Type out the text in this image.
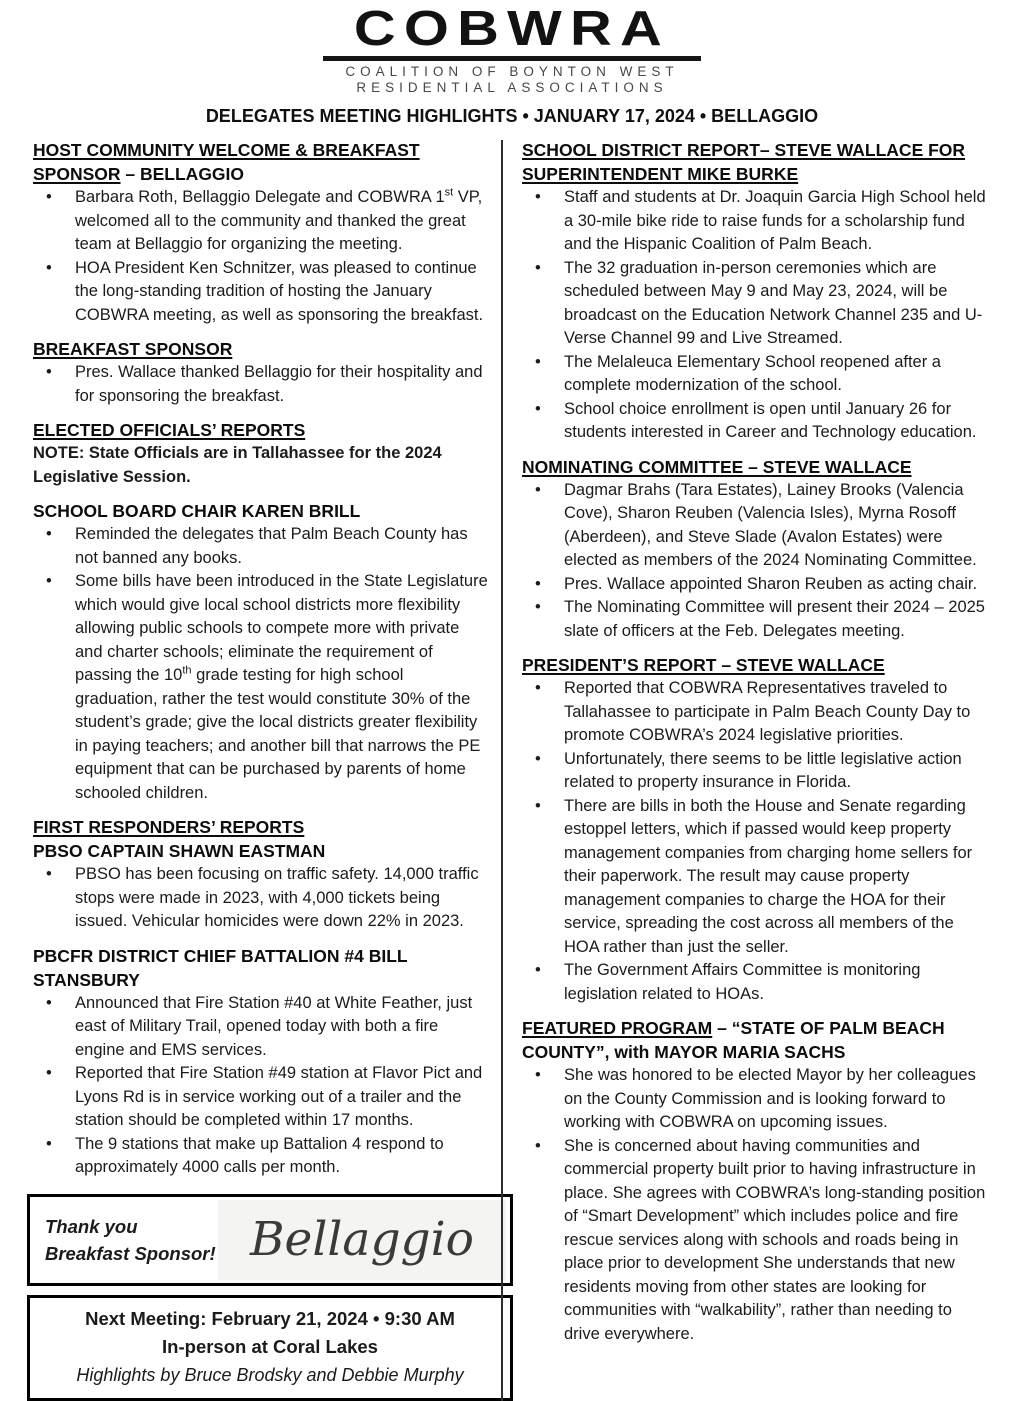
COBWRA
COALITION OF BOYNTON WEST
RESIDENTIAL ASSOCIATIONS
DELEGATES MEETING HIGHLIGHTS • JANUARY 17, 2024 • BELLAGGIO
HOST COMMUNITY WELCOME & BREAKFAST SPONSOR – BELLAGGIO
• Barbara Roth, Bellaggio Delegate and COBWRA 1st VP, welcomed all to the community and thanked the great team at Bellaggio for organizing the meeting.
• HOA President Ken Schnitzer, was pleased to continue the long-standing tradition of hosting the January COBWRA meeting, as well as sponsoring the breakfast.
BREAKFAST SPONSOR
• Pres. Wallace thanked Bellaggio for their hospitality and for sponsoring the breakfast.
ELECTED OFFICIALS’ REPORTS
NOTE: State Officials are in Tallahassee for the 2024 Legislative Session.
SCHOOL BOARD CHAIR KAREN BRILL
• Reminded the delegates that Palm Beach County has not banned any books.
• Some bills have been introduced in the State Legislature which would give local school districts more flexibility allowing public schools to compete more with private and charter schools; eliminate the requirement of passing the 10th grade testing for high school graduation, rather the test would constitute 30% of the student’s grade; give the local districts greater flexibility in paying teachers; and another bill that narrows the PE equipment that can be purchased by parents of home schooled children.
FIRST RESPONDERS’ REPORTS
PBSO CAPTAIN SHAWN EASTMAN
• PBSO has been focusing on traffic safety. 14,000 traffic stops were made in 2023, with 4,000 tickets being issued. Vehicular homicides were down 22% in 2023.
PBCFR DISTRICT CHIEF BATTALION #4 BILL STANSBURY
• Announced that Fire Station #40 at White Feather, just east of Military Trail, opened today with both a fire engine and EMS services.
• Reported that Fire Station #49 station at Flavor Pict and Lyons Rd is in service working out of a trailer and the station should be completed within 17 months.
• The 9 stations that make up Battalion 4 respond to approximately 4000 calls per month.
Thank you
Breakfast Sponsor! Bellaggio
Next Meeting: February 21, 2024 • 9:30 AM
In-person at Coral Lakes
Highlights by Bruce Brodsky and Debbie Murphy
SCHOOL DISTRICT REPORT– STEVE WALLACE FOR SUPERINTENDENT MIKE BURKE
• Staff and students at Dr. Joaquin Garcia High School held a 30-mile bike ride to raise funds for a scholarship fund and the Hispanic Coalition of Palm Beach.
• The 32 graduation in-person ceremonies which are scheduled between May 9 and May 23, 2024, will be broadcast on the Education Network Channel 235 and U-Verse Channel 99 and Live Streamed.
• The Melaleuca Elementary School reopened after a complete modernization of the school.
• School choice enrollment is open until January 26 for students interested in Career and Technology education.
NOMINATING COMMITTEE – STEVE WALLACE
• Dagmar Brahs (Tara Estates), Lainey Brooks (Valencia Cove), Sharon Reuben (Valencia Isles), Myrna Rosoff (Aberdeen), and Steve Slade (Avalon Estates) were elected as members of the 2024 Nominating Committee.
• Pres. Wallace appointed Sharon Reuben as acting chair.
• The Nominating Committee will present their 2024 – 2025 slate of officers at the Feb. Delegates meeting.
PRESIDENT’S REPORT – STEVE WALLACE
• Reported that COBWRA Representatives traveled to Tallahassee to participate in Palm Beach County Day to promote COBWRA’s 2024 legislative priorities.
• Unfortunately, there seems to be little legislative action related to property insurance in Florida.
• There are bills in both the House and Senate regarding estoppel letters, which if passed would keep property management companies from charging home sellers for their paperwork. The result may cause property management companies to charge the HOA for their service, spreading the cost across all members of the HOA rather than just the seller.
• The Government Affairs Committee is monitoring legislation related to HOAs.
FEATURED PROGRAM – “STATE OF PALM BEACH COUNTY”, with MAYOR MARIA SACHS
• She was honored to be elected Mayor by her colleagues on the County Commission and is looking forward to working with COBWRA on upcoming issues.
• She is concerned about having communities and commercial property built prior to having infrastructure in place. She agrees with COBWRA’s long-standing position of “Smart Development” which includes police and fire rescue services along with schools and roads being in place prior to development She understands that new residents moving from other states are looking for communities with “walkability”, rather than needing to drive everywhere.
